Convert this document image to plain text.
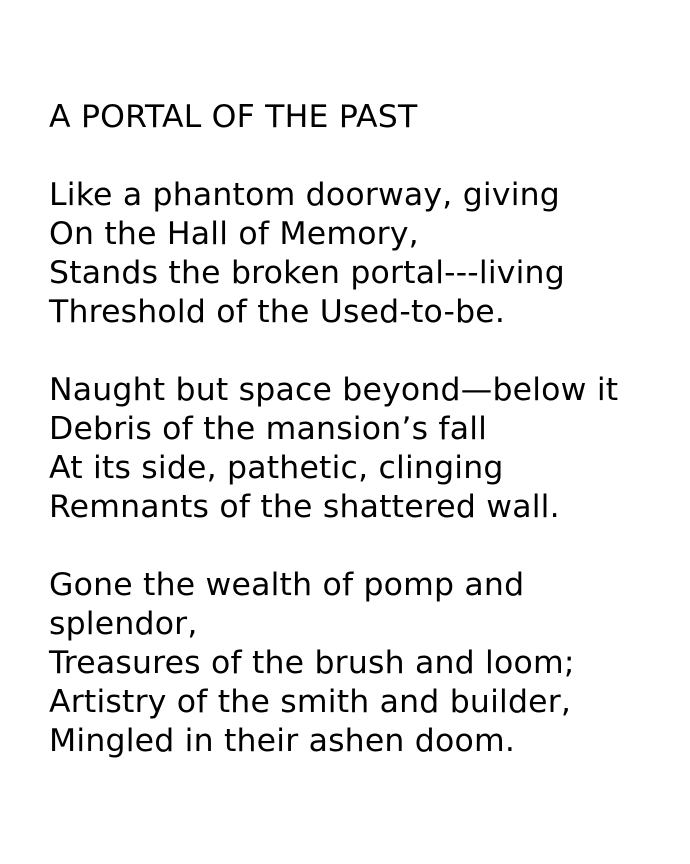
A PORTAL OF THE PAST
Like a phantom doorway, giving
On the Hall of Memory,
Stands the broken portal---living
Threshold of the Used-to-be.
Naught but space beyond—below it
Debris of the mansion’s fall
At its side, pathetic, clinging
Remnants of the shattered wall.
Gone the wealth of pomp and
splendor,
Treasures of the brush and loom;
Artistry of the smith and builder,
Mingled in their ashen doom.
